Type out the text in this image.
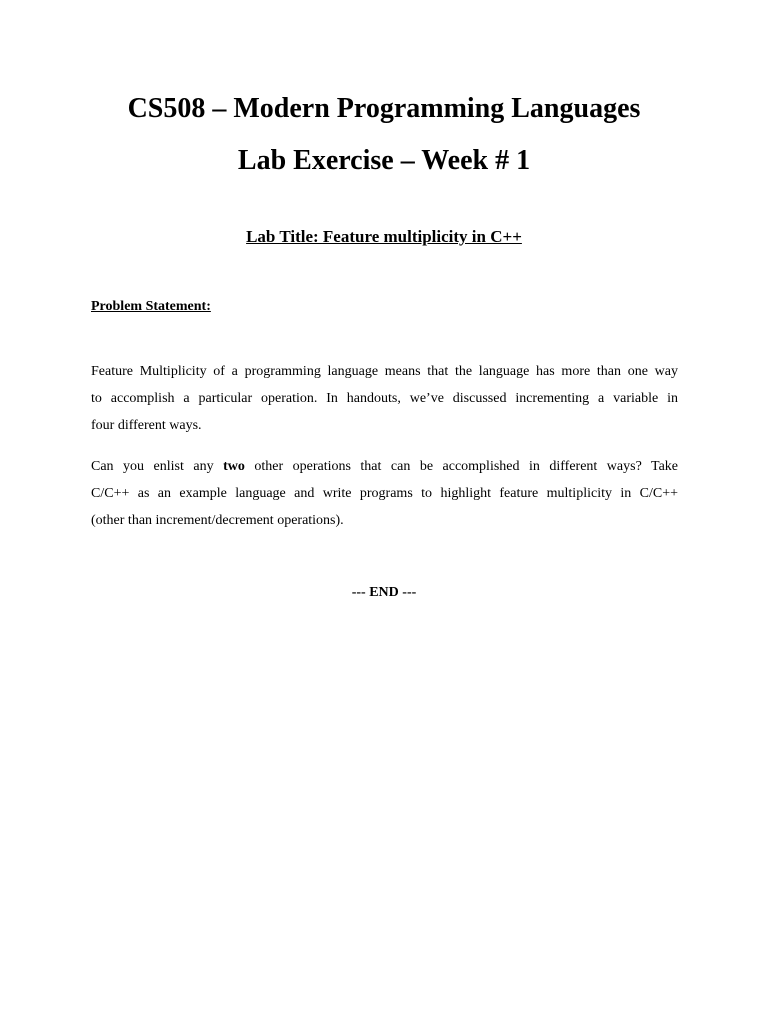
CS508 – Modern Programming Languages
Lab Exercise – Week # 1
Lab Title: Feature multiplicity in C++
Problem Statement:
Feature Multiplicity of a programming language means that the language has more than one way
to accomplish a particular operation. In handouts, we’ve discussed incrementing a variable in
four different ways.
Can you enlist any two other operations that can be accomplished in different ways? Take
C/C++ as an example language and write programs to highlight feature multiplicity in C/C++
(other than increment/decrement operations).

--- END ---
